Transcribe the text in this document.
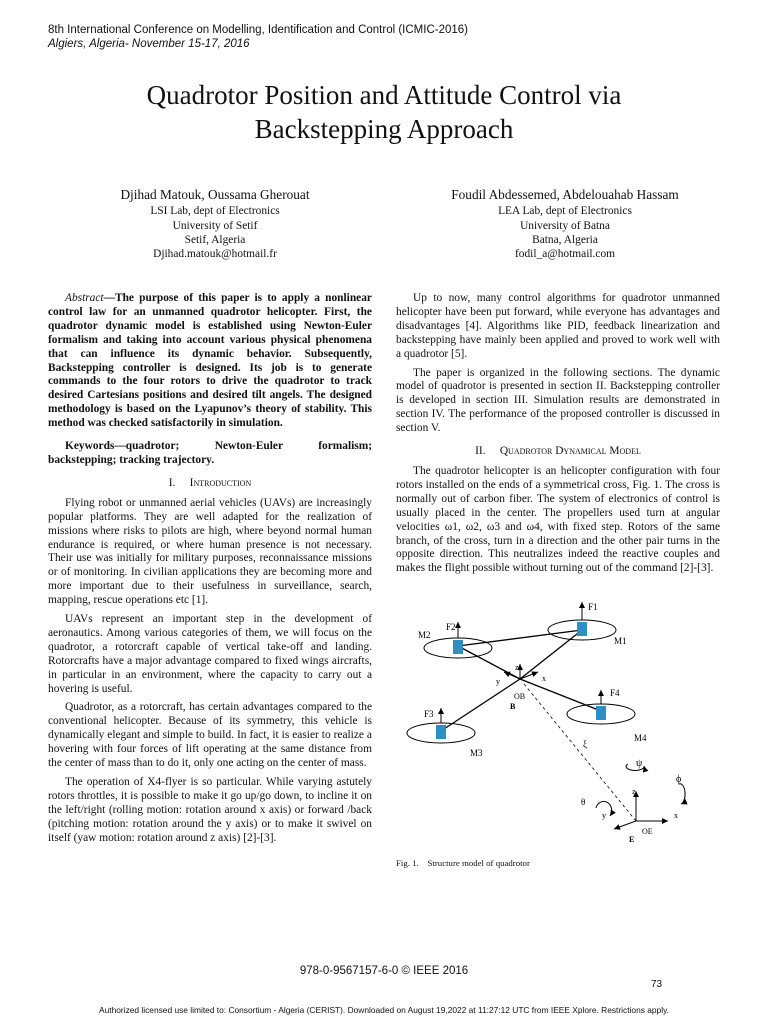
8th International Conference on Modelling, Identification and Control (ICMIC-2016)
Algiers, Algeria- November 15-17, 2016
Quadrotor Position and Attitude Control via
Backstepping Approach
Djihad Matouk, Oussama Gherouat
LSI Lab, dept of Electronics
University of Setif
Setif, Algeria
Djihad.matouk@hotmail.fr
Foudil Abdessemed, Abdelouahab Hassam
LEA Lab, dept of Electronics
University of Batna
Batna, Algeria
fodil_a@hotmail.com

Abstract—The purpose of this paper is to apply a nonlinear control law for an unmanned quadrotor helicopter. First, the quadrotor dynamic model is established using Newton-Euler formalism and taking into account various physical phenomena that can influence its dynamic behavior. Subsequently, Backstepping controller is designed. Its job is to generate commands to the four rotors to drive the quadrotor to track desired Cartesians positions and desired tilt angels. The designed methodology is based on the Lyapunov’s theory of stability. This method was checked satisfactorily in simulation.

Keywords—quadrotor; Newton-Euler formalism; backstepping; tracking trajectory.

I. Introduction

Flying robot or unmanned aerial vehicles (UAVs) are increasingly popular platforms. They are well adapted for the realization of missions where risks to pilots are high, where beyond normal human endurance is required, or where human presence is not necessary. Their use was initially for military purposes, reconnaissance missions or of monitoring. In civilian applications they are becoming more and more important due to their usefulness in surveillance, search, mapping, rescue operations etc [1].

UAVs represent an important step in the development of aeronautics. Among various categories of them, we will focus on the quadrotor, a rotorcraft capable of vertical take-off and landing. Rotorcrafts have a major advantage compared to fixed wings aircrafts, in particular in an environment, where the capacity to carry out a hovering is useful.

Quadrotor, as a rotorcraft, has certain advantages compared to the conventional helicopter. Because of its symmetry, this vehicle is dynamically elegant and simple to build. In fact, it is easier to realize a hovering with four forces of lift operating at the same distance from the center of mass than to do it, only one acting on the center of mass.

The operation of X4-flyer is so particular. While varying astutely rotors throttles, it is possible to make it go up/go down, to incline it on the left/right (rolling motion: rotation around x axis) or forward /back (pitching motion: rotation around the y axis) or to make it swivel on itself (yaw motion: rotation around z axis) [2]-[3].

Up to now, many control algorithms for quadrotor unmanned helicopter have been put forward, while everyone has advantages and disadvantages [4]. Algorithms like PID, feedback linearization and backstepping have mainly been applied and proved to work well with a quadrotor [5].

The paper is organized in the following sections. The dynamic model of quadrotor is presented in section II. Backstepping controller is developed in section III. Simulation results are demonstrated in section IV. The performance of the proposed controller is discussed in section V.

II. Quadrotor Dynamical Model

The quadrotor helicopter is an helicopter configuration with four rotors installed on the ends of a symmetrical cross, Fig. 1. The cross is normally out of carbon fiber. The system of electronics of control is usually placed in the center. The propellers used turn at angular velocities ω1, ω2, ω3 and ω4, with fixed step. Rotors of the same branch, of the cross, turn in a direction and the other pair turns in the opposite direction. This neutralizes indeed the reactive couples and makes the flight possible without turning out of the command [2]-[3].

F1
F2
F3
F4
M1
M2
M3
M4
OB
B
z
x
y
ξ
ψ
θ
ϕ
z
x
y
OE
E
Fig. 1. Structure model of quadrotor
978-0-9567157-6-0 © IEEE 2016
73
Authorized licensed use limited to: Consortium - Algeria (CERIST). Downloaded on August 19,2022 at 11:27:12 UTC from IEEE Xplore. Restrictions apply.
